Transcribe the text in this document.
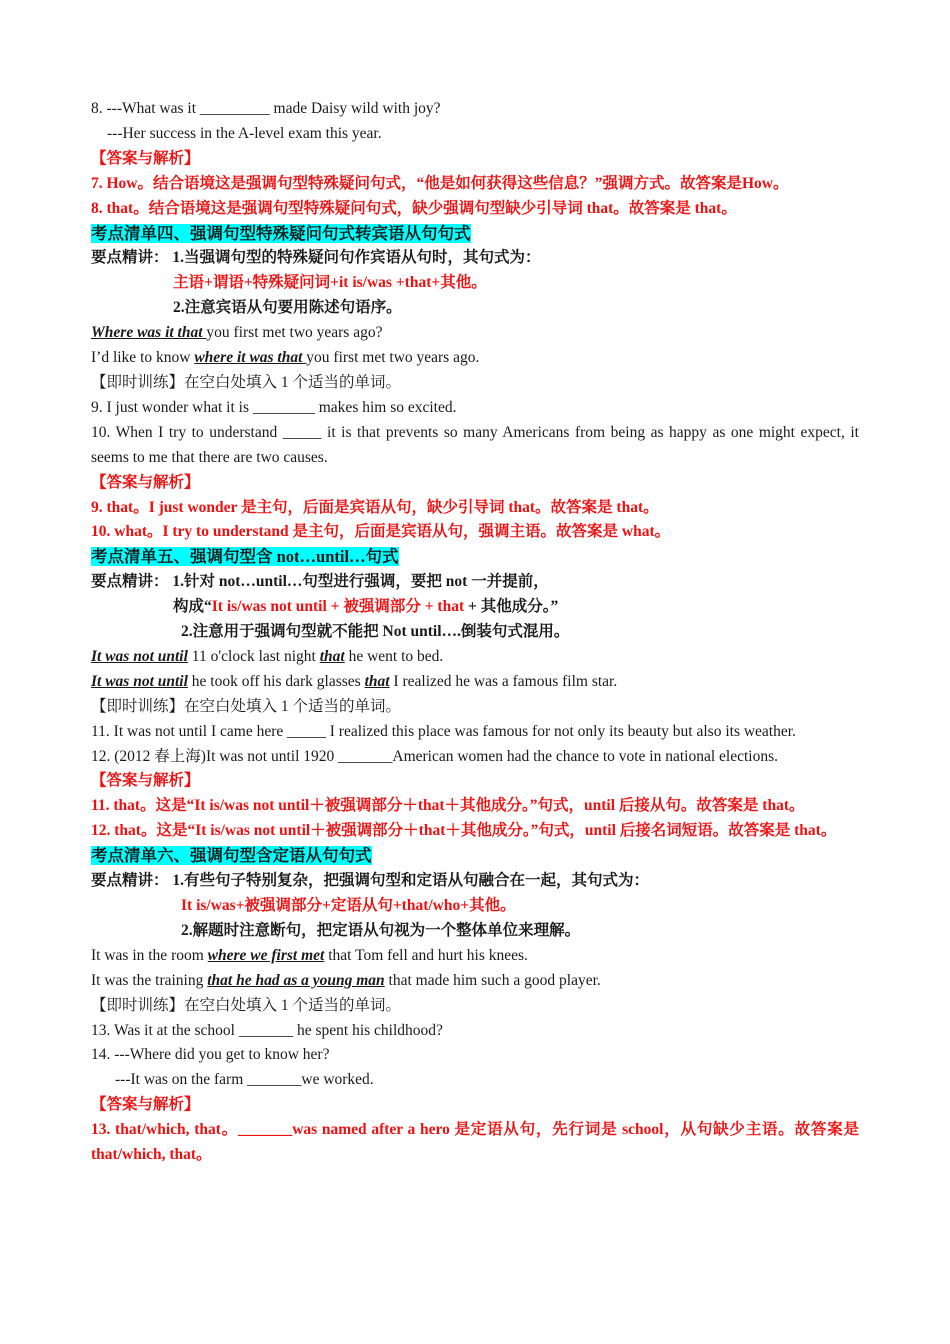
8. ---What was it _________ made Daisy wild with joy?
---Her success in the A-level exam this year.
【答案与解析】
7. How。结合语境这是强调句型特殊疑问句式，“他是如何获得这些信息？”强调方式。故答案是How。
8. that。结合语境这是强调句型特殊疑问句式，缺少强调句型缺少引导词 that。故答案是 that。
考点清单四、强调句型特殊疑问句式转宾语从句句式
要点精讲： 1.当强调句型的特殊疑问句作宾语从句时，其句式为：
主语+谓语+特殊疑问词+it is/was +that+其他。
2.注意宾语从句要用陈述句语序。
Where was it that you first met two years ago?
I’d like to know where it was that you first met two years ago.
【即时训练】在空白处填入 1 个适当的单词。
9. I just wonder what it is ________ makes him so excited.
10. When I try to understand _____ it is that prevents so many Americans from being as happy as one might expect, it seems to me that there are two causes.
【答案与解析】
9. that。I just wonder 是主句，后面是宾语从句，缺少引导词 that。故答案是 that。
10. what。I try to understand 是主句，后面是宾语从句，强调主语。故答案是 what。
考点清单五、强调句型含 not…until…句式
要点精讲： 1.针对 not…until…句型进行强调，要把 not 一并提前，
构成“It is/was not until + 被强调部分 + that + 其他成分。”
2.注意用于强调句型就不能把 Not until….倒装句式混用。
It was not until 11 o'clock last night that he went to bed.
It was not until he took off his dark glasses that I realized he was a famous film star.
【即时训练】在空白处填入 1 个适当的单词。
11. It was not until I came here _____ I realized this place was famous for not only its beauty but also its weather.
12. (2012 春上海)It was not until 1920 _______American women had the chance to vote in national elections.
【答案与解析】
11. that。这是“It is/was not until＋被强调部分＋that＋其他成分。”句式，until 后接从句。故答案是 that。
12. that。这是“It is/was not until＋被强调部分＋that＋其他成分。”句式，until 后接名词短语。故答案是 that。
考点清单六、强调句型含定语从句句式
要点精讲： 1.有些句子特别复杂，把强调句型和定语从句融合在一起，其句式为：
It is/was+被强调部分+定语从句+that/who+其他。
2.解题时注意断句，把定语从句视为一个整体单位来理解。
It was in the room where we first met that Tom fell and hurt his knees.
It was the training that he had as a young man that made him such a good player.
【即时训练】在空白处填入 1 个适当的单词。
13. Was it at the school _______ he spent his childhood?
14. ---Where did you get to know her?
---It was on the farm _______we worked.
【答案与解析】
13. that/which, that。_______was named after a hero 是定语从句，先行词是 school，从句缺少主语。故答案是 that/which, that。
